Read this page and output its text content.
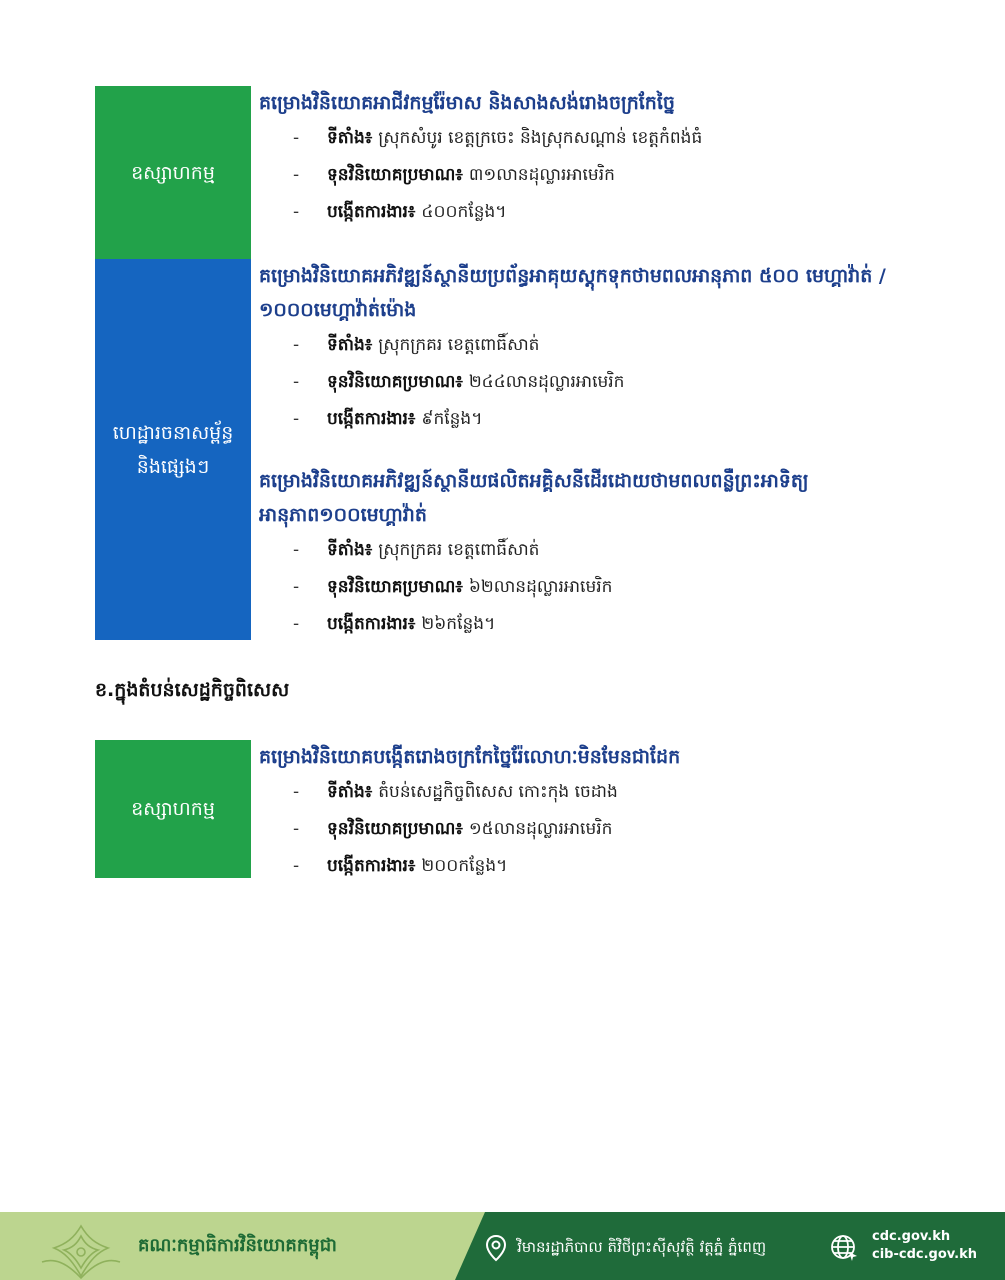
ឧស្សាហកម្ម
គម្រោងវិនិយោគអាជីវកម្មរ៉ែមាស និងសាងសង់រោងចក្រកែច្នៃ
-	ទីតាំង៖ ស្រុកសំបូរ ខេត្តក្រចេះ និងស្រុកសណ្ដាន់ ខេត្តកំពង់ធំ
-	ទុនវិនិយោគប្រមាណ៖ ៣១លានដុល្លារអាមេរិក
-	បង្កើតការងារ៖ ៤០០កន្លែង។
ហេដ្ឋារចនាសម្ព័ន្ធ និងផ្សេងៗ
គម្រោងវិនិយោគអភិវឌ្ឍន៍ស្ថានីយប្រព័ន្ធអាគុយស្តុកទុកថាមពលអានុភាព ៥០០ មេហ្គាវ៉ាត់ / ១០០០មេហ្គាវ៉ាត់ម៉ោង
-	ទីតាំង៖ ស្រុកក្រគរ ខេត្តពោធិ៍សាត់
-	ទុនវិនិយោគប្រមាណ៖ ២៤៤លានដុល្លារអាមេរិក
-	បង្កើតការងារ៖ ៩កន្លែង។
គម្រោងវិនិយោគអភិវឌ្ឍន៍ស្ថានីយផលិតអគ្គិសនីដើរដោយថាមពលពន្លឺព្រះអាទិត្យ អានុភាព១០០មេហ្គាវ៉ាត់
-	ទីតាំង៖ ស្រុកក្រគរ ខេត្តពោធិ៍សាត់
-	ទុនវិនិយោគប្រមាណ៖ ៦២លានដុល្លារអាមេរិក
-	បង្កើតការងារ៖ ២៦កន្លែង។
ខ.ក្នុងតំបន់សេដ្ឋកិច្ចពិសេស
ឧស្សាហកម្ម
គម្រោងវិនិយោគបង្កើតរោងចក្រកែច្នៃរ៉ែលោហៈមិនមែនជាដែក
-	ទីតាំង៖ តំបន់សេដ្ឋកិច្ចពិសេស កោះកុង ចេដាង
-	ទុនវិនិយោគប្រមាណ៖ ១៥លានដុល្លារអាមេរិក
-	បង្កើតការងារ៖ ២០០កន្លែង។
គណៈកម្មាធិការវិនិយោគកម្ពុជា	វិមានរដ្ឋាភិបាល តិវិថីព្រះស៊ីសុវត្ថិ វត្តភ្នំ ភ្នំពេញ
cdc.gov.kh
cib-cdc.gov.kh
